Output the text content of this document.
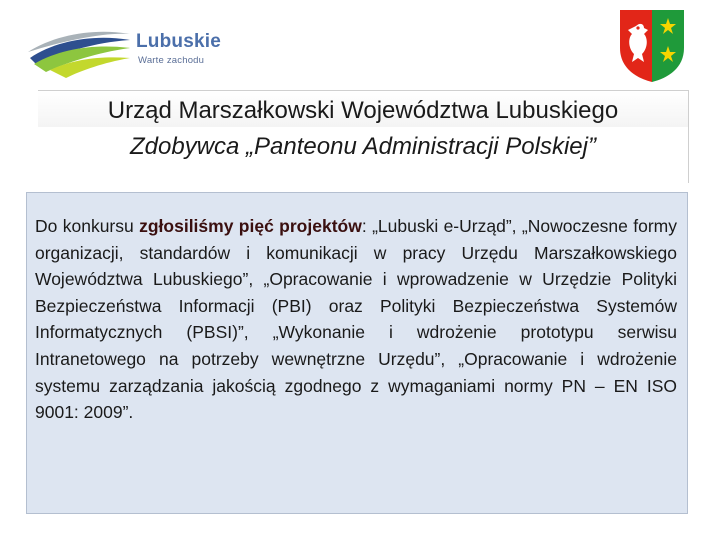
Lubuskie
Warte zachodu
Urząd Marszałkowski Województwa Lubuskiego
Zdobywca „Panteonu Administracji Polskiej”
Do konkursu zgłosiliśmy pięć projektów: „Lubuski e-Urząd”, „Nowoczesne formy organizacji, standardów i komunikacji w pracy Urzędu Marszałkowskiego Województwa Lubuskiego”, „Opracowanie i wprowadzenie w Urzędzie Polityki Bezpieczeństwa Informacji (PBI) oraz Polityki Bezpieczeństwa Systemów Informatycznych (PBSI)”, „Wykonanie i wdrożenie prototypu serwisu Intranetowego na potrzeby wewnętrzne Urzędu”, „Opracowanie i wdrożenie systemu zarządzania jakością zgodnego z wymaganiami normy PN – EN ISO 9001: 2009”.
